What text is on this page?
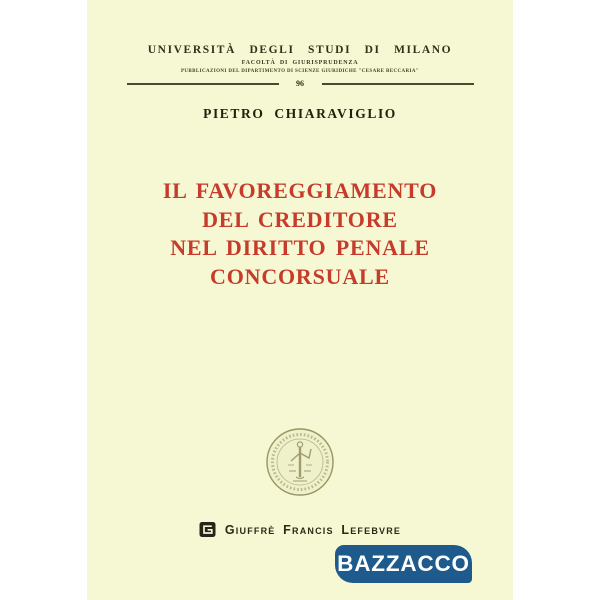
UNIVERSITÀ DEGLI STUDI DI MILANO
FACOLTÀ DI GIURISPRUDENZA
PUBBLICAZIONI DEL DIPARTIMENTO DI SCIENZE GIURIDICHE "CESARE BECCARIA"
96
PIETRO CHIARAVIGLIO
IL FAVOREGGIAMENTO
DEL CREDITORE
NEL DIRITTO PENALE
CONCORSUALE
Giuffrè Francis Lefebvre
BAZZACCO
